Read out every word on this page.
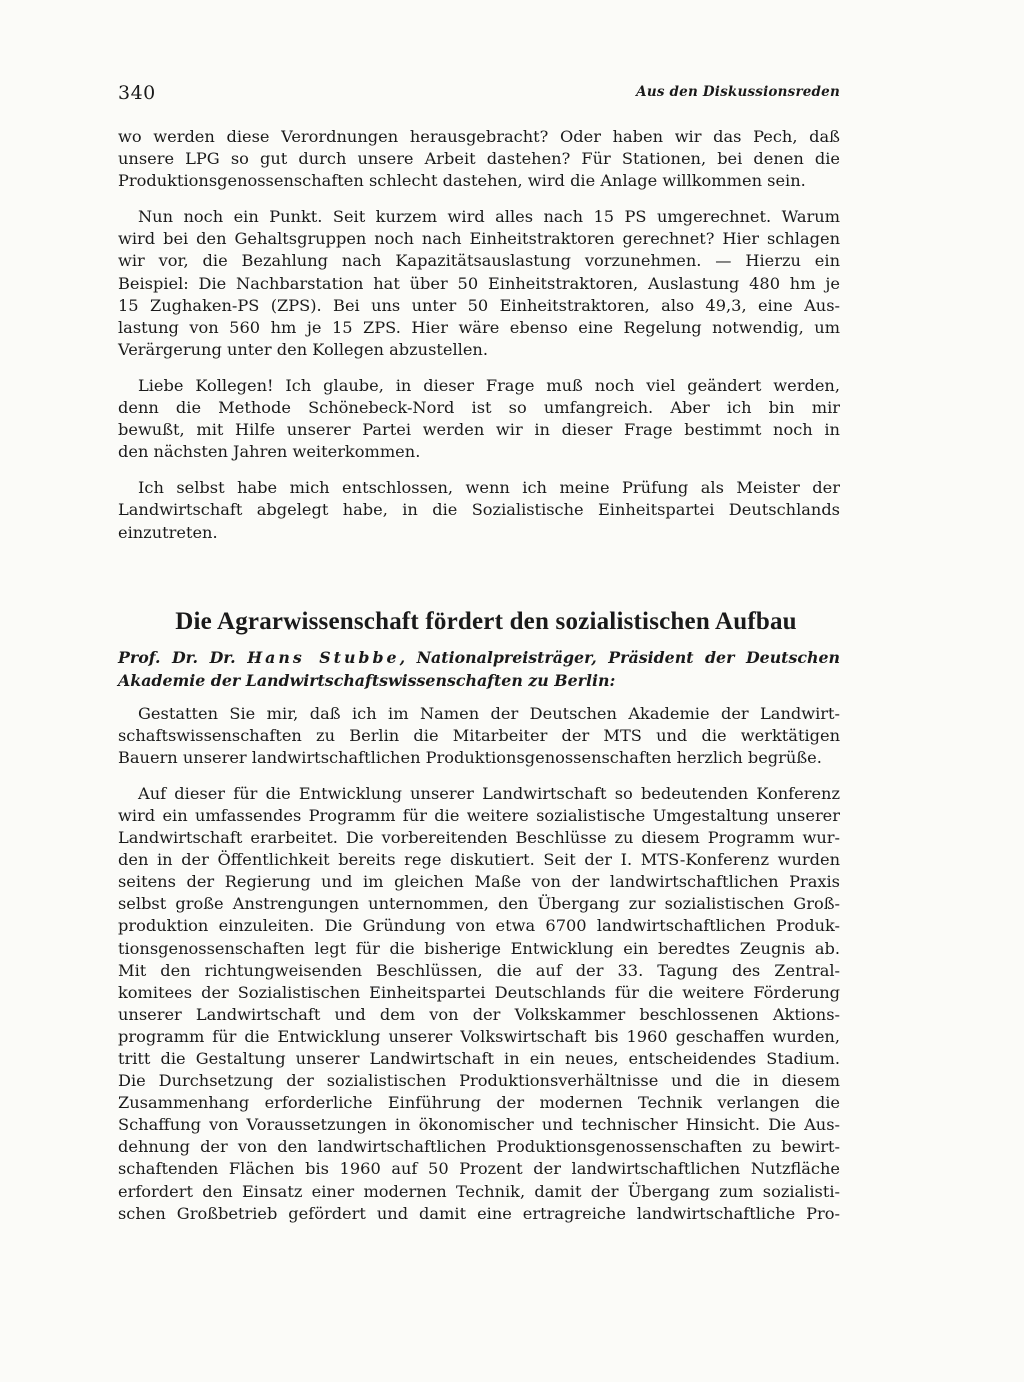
340	Aus den Diskussionsreden

wo werden diese Verordnungen herausgebracht? Oder haben wir das Pech, daß
unsere LPG so gut durch unsere Arbeit dastehen? Für Stationen, bei denen die
Produktionsgenossenschaften schlecht dastehen, wird die Anlage willkommen sein.

Nun noch ein Punkt. Seit kurzem wird alles nach 15 PS umgerechnet. Warum
wird bei den Gehaltsgruppen noch nach Einheitstraktoren gerechnet? Hier schlagen
wir vor, die Bezahlung nach Kapazitätsauslastung vorzunehmen. — Hierzu ein
Beispiel: Die Nachbarstation hat über 50 Einheitstraktoren, Auslastung 480 hm je
15 Zughaken-PS (ZPS). Bei uns unter 50 Einheitstraktoren, also 49,3, eine Aus-
lastung von 560 hm je 15 ZPS. Hier wäre ebenso eine Regelung notwendig, um
Verärgerung unter den Kollegen abzustellen.

Liebe Kollegen! Ich glaube, in dieser Frage muß noch viel geändert werden,
denn die Methode Schönebeck-Nord ist so umfangreich. Aber ich bin mir
bewußt, mit Hilfe unserer Partei werden wir in dieser Frage bestimmt noch in
den nächsten Jahren weiterkommen.

Ich selbst habe mich entschlossen, wenn ich meine Prüfung als Meister der
Landwirtschaft abgelegt habe, in die Sozialistische Einheitspartei Deutschlands
einzutreten.

Die Agrarwissenschaft fördert den sozialistischen Aufbau

Prof. Dr. Dr. Hans Stubbe, Nationalpreisträger, Präsident der Deutschen
Akademie der Landwirtschaftswissenschaften zu Berlin:

Gestatten Sie mir, daß ich im Namen der Deutschen Akademie der Landwirt-
schaftswissenschaften zu Berlin die Mitarbeiter der MTS und die werktätigen
Bauern unserer landwirtschaftlichen Produktionsgenossenschaften herzlich begrüße.

Auf dieser für die Entwicklung unserer Landwirtschaft so bedeutenden Konferenz
wird ein umfassendes Programm für die weitere sozialistische Umgestaltung unserer
Landwirtschaft erarbeitet. Die vorbereitenden Beschlüsse zu diesem Programm wur-
den in der Öffentlichkeit bereits rege diskutiert. Seit der I. MTS-Konferenz wurden
seitens der Regierung und im gleichen Maße von der landwirtschaftlichen Praxis
selbst große Anstrengungen unternommen, den Übergang zur sozialistischen Groß-
produktion einzuleiten. Die Gründung von etwa 6700 landwirtschaftlichen Produk-
tionsgenossenschaften legt für die bisherige Entwicklung ein beredtes Zeugnis ab.
Mit den richtungweisenden Beschlüssen, die auf der 33. Tagung des Zentral-
komitees der Sozialistischen Einheitspartei Deutschlands für die weitere Förderung
unserer Landwirtschaft und dem von der Volkskammer beschlossenen Aktions-
programm für die Entwicklung unserer Volkswirtschaft bis 1960 geschaffen wurden,
tritt die Gestaltung unserer Landwirtschaft in ein neues, entscheidendes Stadium.
Die Durchsetzung der sozialistischen Produktionsverhältnisse und die in diesem
Zusammenhang erforderliche Einführung der modernen Technik verlangen die
Schaffung von Voraussetzungen in ökonomischer und technischer Hinsicht. Die Aus-
dehnung der von den landwirtschaftlichen Produktionsgenossenschaften zu bewirt-
schaftenden Flächen bis 1960 auf 50 Prozent der landwirtschaftlichen Nutzfläche
erfordert den Einsatz einer modernen Technik, damit der Übergang zum sozialisti-
schen Großbetrieb gefördert und damit eine ertragreiche landwirtschaftliche Pro-
